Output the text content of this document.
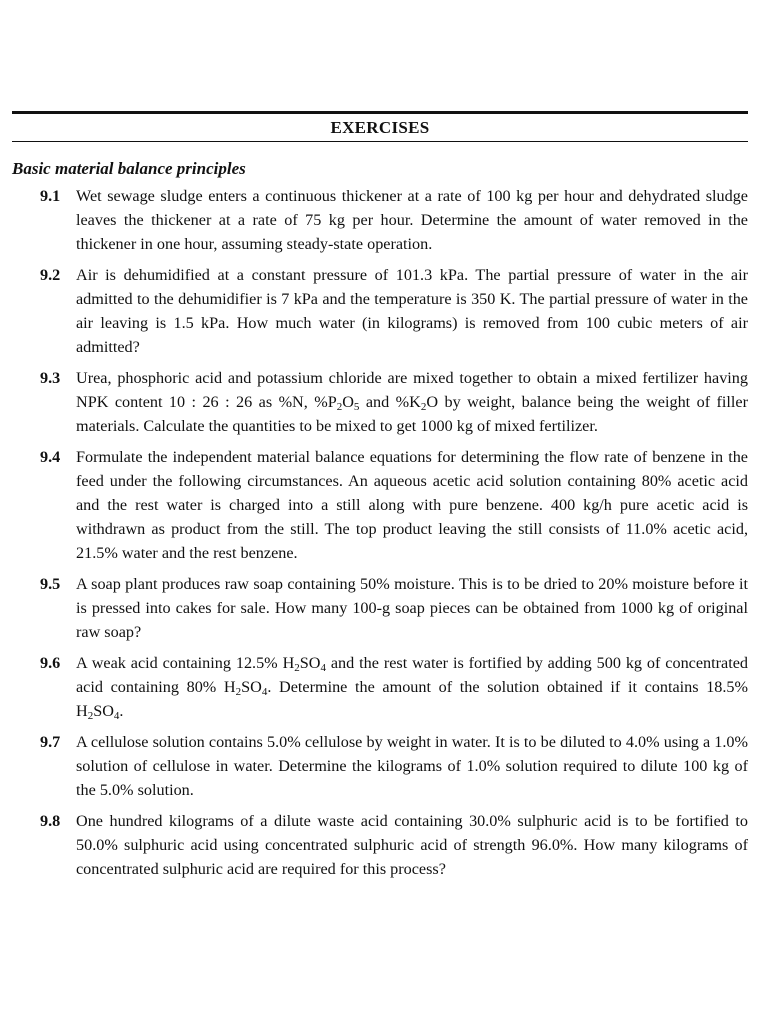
EXERCISES
Basic material balance principles
9.1 Wet sewage sludge enters a continuous thickener at a rate of 100 kg per hour and dehydrated sludge leaves the thickener at a rate of 75 kg per hour. Determine the amount of water removed in the thickener in one hour, assuming steady-state operation.
9.2 Air is dehumidified at a constant pressure of 101.3 kPa. The partial pressure of water in the air admitted to the dehumidifier is 7 kPa and the temperature is 350 K. The partial pressure of water in the air leaving is 1.5 kPa. How much water (in kilograms) is removed from 100 cubic meters of air admitted?
9.3 Urea, phosphoric acid and potassium chloride are mixed together to obtain a mixed fertilizer having NPK content 10 : 26 : 26 as %N, $\%P_2O_5$ and $\%K_2O$ by weight, balance being the weight of filler materials. Calculate the quantities to be mixed to get 1000 kg of mixed fertilizer.
9.4 Formulate the independent material balance equations for determining the flow rate of benzene in the feed under the following circumstances. An aqueous acetic acid solution containing 80% acetic acid and the rest water is charged into a still along with pure benzene. 400 kg/h pure acetic acid is withdrawn as product from the still. The top product leaving the still consists of 11.0% acetic acid, 21.5% water and the rest benzene.
9.5 A soap plant produces raw soap containing 50% moisture. This is to be dried to 20% moisture before it is pressed into cakes for sale. How many 100-g soap pieces can be obtained from 1000 kg of original raw soap?
9.6 A weak acid containing 12.5% $H_2SO_4$ and the rest water is fortified by adding 500 kg of concentrated acid containing 80% $H_2SO_4$. Determine the amount of the solution obtained if it contains 18.5% $H_2SO_4$.
9.7 A cellulose solution contains 5.0% cellulose by weight in water. It is to be diluted to 4.0% using a 1.0% solution of cellulose in water. Determine the kilograms of 1.0% solution required to dilute 100 kg of the 5.0% solution.
9.8 One hundred kilograms of a dilute waste acid containing 30.0% sulphuric acid is to be fortified to 50.0% sulphuric acid using concentrated sulphuric acid of strength 96.0%. How many kilograms of concentrated sulphuric acid are required for this process?
